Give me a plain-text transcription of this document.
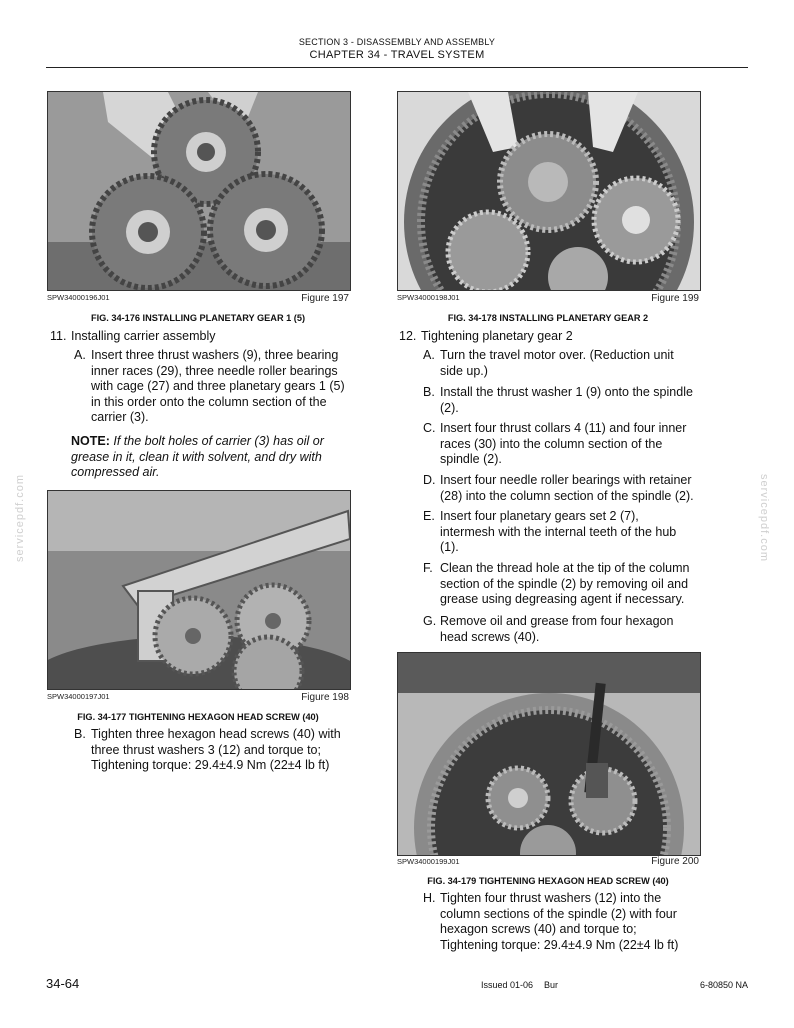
SECTION 3 - DISASSEMBLY AND ASSEMBLY
CHAPTER 34 - TRAVEL SYSTEM
servicepdf.com	servicepdf.com
SPW34000196J01	Figure 197
FIG. 34-176 INSTALLING PLANETARY GEAR 1 (5)
11. Installing carrier assembly
A. Insert three thrust washers (9), three bearing
inner races (29), three needle roller bearings
with cage (27) and three planetary gears 1 (5)
in this order onto the column section of the
carrier (3).
NOTE: If the bolt holes of carrier (3) has oil or
grease in it, clean it with solvent, and dry with
compressed air.
SPW34000197J01	Figure 198
FIG. 34-177 TIGHTENING HEXAGON HEAD SCREW (40)
B. Tighten three hexagon head screws (40) with
three thrust washers 3 (12) and torque to;
Tightening torque: 29.4±4.9 Nm (22±4 lb ft)
SPW34000198J01	Figure 199
FIG. 34-178 INSTALLING PLANETARY GEAR 2
12. Tightening planetary gear 2
A. Turn the travel motor over. (Reduction unit
side up.)
B. Install the thrust washer 1 (9) onto the spindle
(2).
C. Insert four thrust collars 4 (11) and four inner
races (30) into the column section of the
spindle (2).
D. Insert four needle roller bearings with retainer
(28) into the column section of the spindle (2).
E. Insert four planetary gears set 2 (7),
intermesh with the internal teeth of the hub
(1).
F. Clean the thread hole at the tip of the column
section of the spindle (2) by removing oil and
grease using degreasing agent if necessary.
G. Remove oil and grease from four hexagon
head screws (40).
SPW34000199J01	Figure 200
FIG. 34-179 TIGHTENING HEXAGON HEAD SCREW (40)
H. Tighten four thrust washers (12) into the
column sections of the spindle (2) with four
hexagon screws (40) and torque to;
Tightening torque: 29.4±4.9 Nm (22±4 lb ft)
34-64	Issued 01-06 Bur	6-80850 NA
